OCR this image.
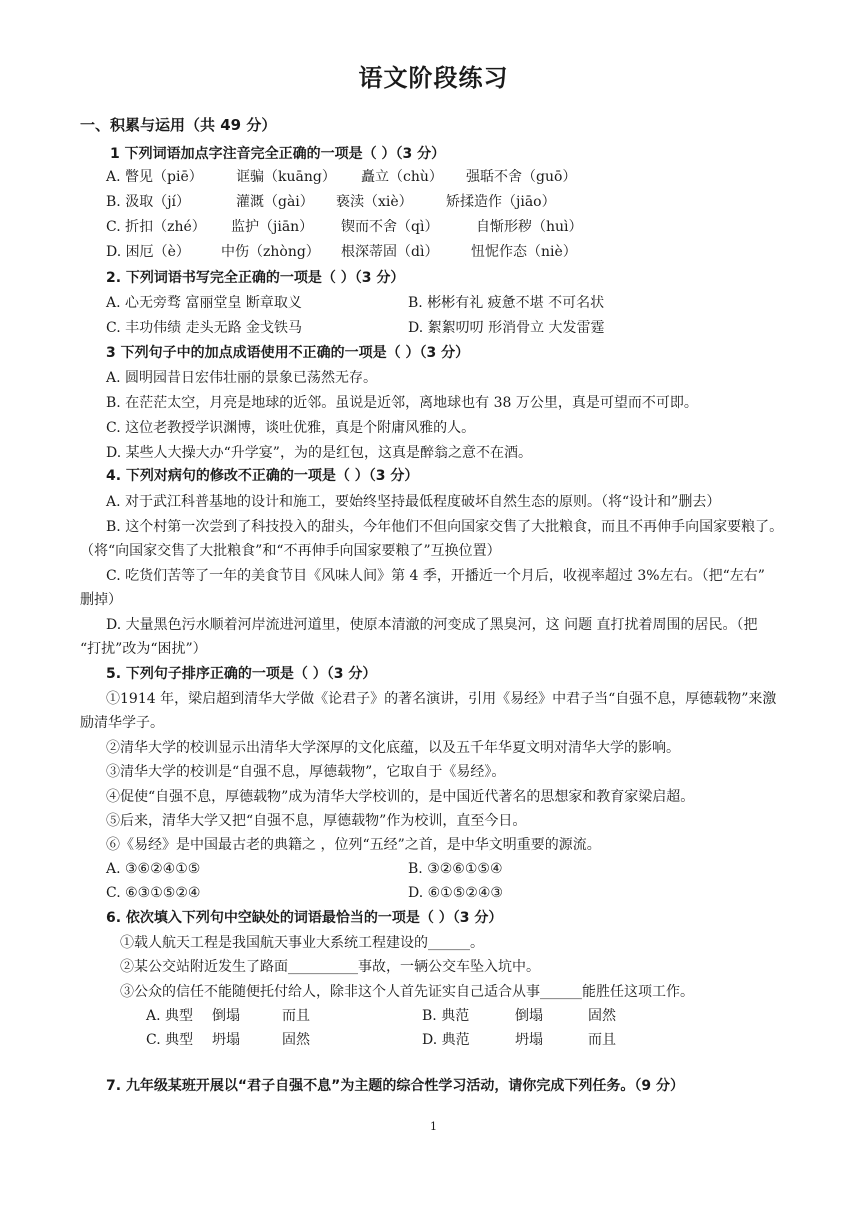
语文阶段练习
一、积累与运用（共 49 分）
1 下列词语加点字注音完全正确的一项是（ ）（3 分）
A. 瞥见（piē） 诓骗（kuāng） 矗立（chù） 强聒不舍（guō）
B. 汲取（jí）	灌溉（gài） 亵渎（xiè） 矫揉造作（jiāo）
C. 折扣（zhé） 监护（jiān） 锲而不舍（qì）	自惭形秽（huì）
D. 困厄（è） 中伤（zhòng） 根深蒂固（dì） 忸怩作态（niè）
2. 下列词语书写完全正确的一项是（ ）（3 分）
A. 心无旁骛 富丽堂皇 断章取义	B. 彬彬有礼 疲惫不堪 不可名状
C. 丰功伟绩 走头无路 金戈铁马	D. 絮絮叨叨 形消骨立 大发雷霆
3 下列句子中的加点成语使用不正确的一项是（ ）（3 分）
A. 圆明园昔日宏伟壮丽的景象已荡然无存。
B. 在茫茫太空，月亮是地球的近邻。虽说是近邻，离地球也有 38 万公里，真是可望而不可即。
C. 这位老教授学识渊博，谈吐优雅，真是个附庸风雅的人。
D. 某些人大操大办“升学宴”，为的是红包，这真是醉翁之意不在酒。
4. 下列对病句的修改不正确的一项是（ ）（3 分）
A. 对于武江科普基地的设计和施工，要始终坚持最低程度破坏自然生态的原则。（将“设计和”删去）
B. 这个村第一次尝到了科技投入的甜头，今年他们不但向国家交售了大批粮食，而且不再伸手向国家要粮了。
（将“向国家交售了大批粮食”和“不再伸手向国家要粮了”互换位置）
C. 吃货们苦等了一年的美食节目《风味人间》第 4 季，开播近一个月后，收视率超过 3%左右。（把“左右”
删掉）
D. 大量黑色污水顺着河岸流进河道里，使原本清澈的河变成了黑臭河，这 问题 直打扰着周围的居民。（把
“打扰”改为“困扰”）
5. 下列句子排序正确的一项是（ ）（3 分）
①1914 年，梁启超到清华大学做《论君子》的著名演讲，引用《易经》中君子当“自强不息，厚德载物”来激
励清华学子。
②清华大学的校训显示出清华大学深厚的文化底蕴，以及五千年华夏文明对清华大学的影响。
③清华大学的校训是“自强不息，厚德载物”，它取自于《易经》。
④促使“自强不息，厚德载物”成为清华大学校训的，是中国近代著名的思想家和教育家梁启超。
⑤后来，清华大学又把“自强不息，厚德载物”作为校训，直至今日。
⑥《易经》是中国最古老的典籍之 ，位列“五经”之首，是中华文明重要的源流。
A. ③⑥②④①⑤	B. ③②⑥①⑤④
C. ⑥③①⑤②④	D. ⑥①⑤②④③
6. 依次填入下列句中空缺处的词语最恰当的一项是（ ）（3 分）
①载人航天工程是我国航天事业大系统工程建设的______。
②某公交站附近发生了路面__________事故，一辆公交车坠入坑中。
③公众的信任不能随便托付给人，除非这个人首先证实自己适合从事______能胜任这项工作。
A. 典型 倒塌	而且	B. 典范	倒塌	固然
C. 典型 坍塌	固然	D. 典范	坍塌	而且
7. 九年级某班开展以“君子自强不息”为主题的综合性学习活动，请你完成下列任务。（9 分）
1
